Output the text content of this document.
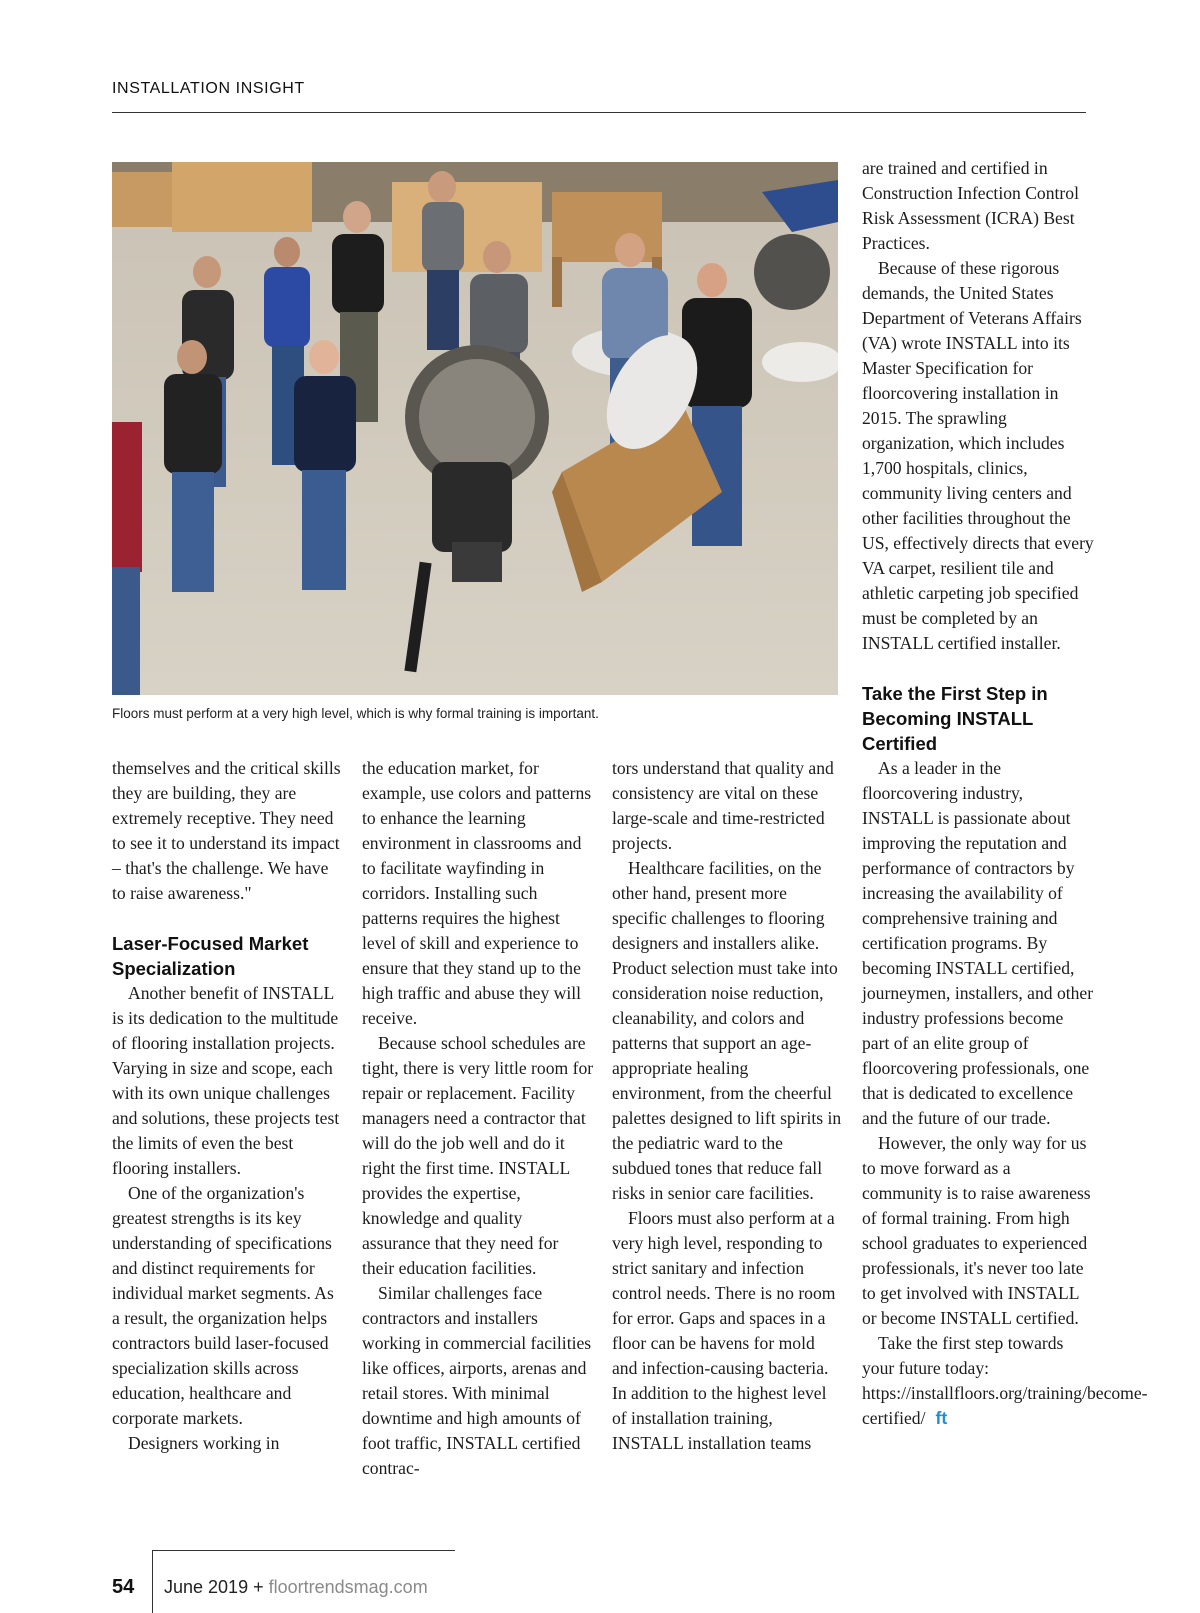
INSTALLATION INSIGHT
Floors must perform at a very high level, which is why formal training is important.

themselves and the critical skills they are building, they are extremely receptive. They need to see it to understand its impact – that's the challenge. We have to raise awareness."

Laser-Focused Market Specialization

Another benefit of INSTALL is its dedication to the multitude of flooring installation projects. Varying in size and scope, each with its own unique challenges and solutions, these projects test the limits of even the best flooring installers.

One of the organization's greatest strengths is its key understanding of specifications and distinct requirements for individual market segments. As a result, the organization helps contractors build laser-focused specialization skills across education, healthcare and corporate markets.

Designers working in

the education market, for example, use colors and patterns to enhance the learning environment in classrooms and to facilitate wayfinding in corridors. Installing such patterns requires the highest level of skill and experience to ensure that they stand up to the high traffic and abuse they will receive.

Because school schedules are tight, there is very little room for repair or replacement. Facility managers need a contractor that will do the job well and do it right the first time. INSTALL provides the expertise, knowledge and quality assurance that they need for their education facilities.

Similar challenges face contractors and installers working in commercial facilities like offices, airports, arenas and retail stores. With minimal downtime and high amounts of foot traffic, INSTALL certified contrac-

tors understand that quality and consistency are vital on these large-scale and time-restricted projects.

Healthcare facilities, on the other hand, present more specific challenges to flooring designers and installers alike. Product selection must take into consideration noise reduction, cleanability, and colors and patterns that support an age-appropriate healing environment, from the cheerful palettes designed to lift spirits in the pediatric ward to the subdued tones that reduce fall risks in senior care facilities.

Floors must also perform at a very high level, responding to strict sanitary and infection control needs. There is no room for error. Gaps and spaces in a floor can be havens for mold and infection-causing bacteria. In addition to the highest level of installation training, INSTALL installation teams

are trained and certified in Construction Infection Control Risk Assessment (ICRA) Best Practices.

Because of these rigorous demands, the United States Department of Veterans Affairs (VA) wrote INSTALL into its Master Specification for floorcovering installation in 2015. The sprawling organization, which includes 1,700 hospitals, clinics, community living centers and other facilities throughout the US, effectively directs that every VA carpet, resilient tile and athletic carpeting job specified must be completed by an INSTALL certified installer.

Take the First Step in Becoming INSTALL Certified

As a leader in the floorcovering industry, INSTALL is passionate about improving the reputation and performance of contractors by increasing the availability of comprehensive training and certification programs. By becoming INSTALL certified, journeymen, installers, and other industry professions become part of an elite group of floorcovering professionals, one that is dedicated to excellence and the future of our trade.

However, the only way for us to move forward as a community is to raise awareness of formal training. From high school graduates to experienced professionals, it's never too late to get involved with INSTALL or become INSTALL certified.

Take the first step towards your future today: https://installfloors.org/training/become-certified/ ft

54 June 2019 + floortrendsmag.com
